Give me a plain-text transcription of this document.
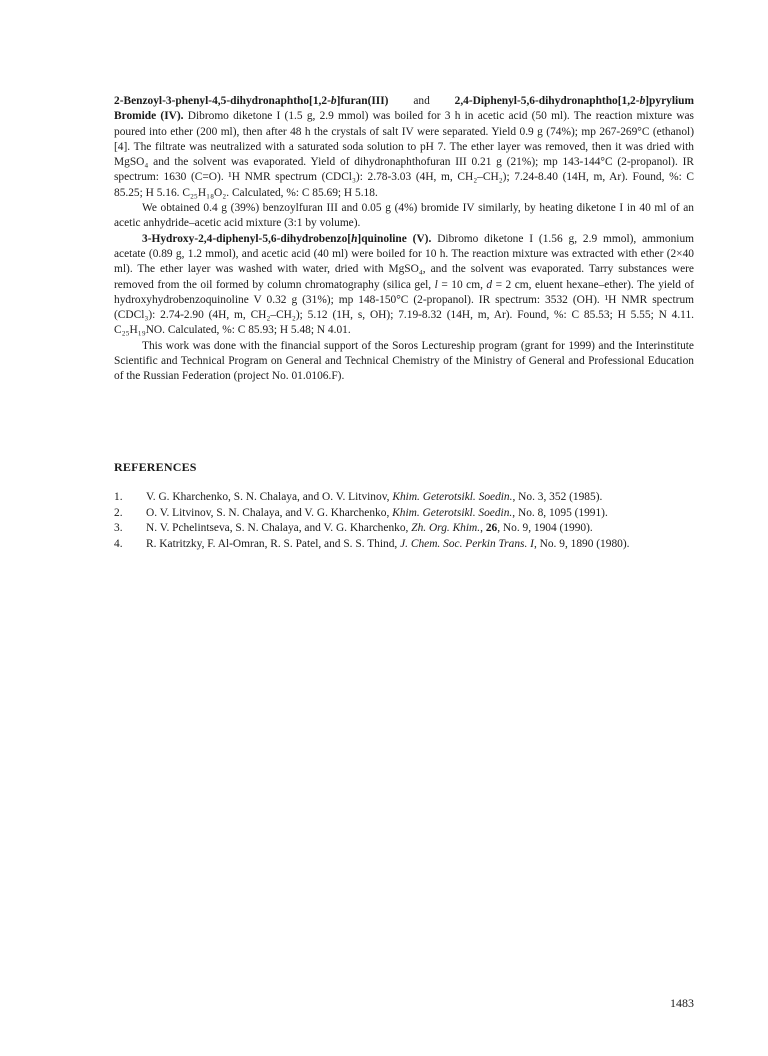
2-Benzoyl-3-phenyl-4,5-dihydronaphtho[1,2-b]furan(III) and 2,4-Diphenyl-5,6-dihydronaphtho[1,2-b]pyrylium Bromide (IV). Dibromo diketone I (1.5 g, 2.9 mmol) was boiled for 3 h in acetic acid (50 ml). The reaction mixture was poured into ether (200 ml), then after 48 h the crystals of salt IV were separated. Yield 0.9 g (74%); mp 267-269°C (ethanol) [4]. The filtrate was neutralized with a saturated soda solution to pH 7. The ether layer was removed, then it was dried with MgSO₄ and the solvent was evaporated. Yield of dihydronaphthofuran III 0.21 g (21%); mp 143-144°C (2-propanol). IR spectrum: 1630 (C=O). ¹H NMR spectrum (CDCl₃): 2.78-3.03 (4H, m, CH₂–CH₂); 7.24-8.40 (14H, m, Ar). Found, %: C 85.25; H 5.16. C₂₅H₁₈O₂. Calculated, %: C 85.69; H 5.18.

We obtained 0.4 g (39%) benzoylfuran III and 0.05 g (4%) bromide IV similarly, by heating diketone I in 40 ml of an acetic anhydride–acetic acid mixture (3:1 by volume).

3-Hydroxy-2,4-diphenyl-5,6-dihydrobenzo[h]quinoline (V). Dibromo diketone I (1.56 g, 2.9 mmol), ammonium acetate (0.89 g, 1.2 mmol), and acetic acid (40 ml) were boiled for 10 h. The reaction mixture was extracted with ether (2×40 ml). The ether layer was washed with water, dried with MgSO₄, and the solvent was evaporated. Tarry substances were removed from the oil formed by column chromatography (silica gel, l = 10 cm, d = 2 cm, eluent hexane–ether). The yield of hydroxyhydrobenzoquinoline V 0.32 g (31%); mp 148-150°C (2-propanol). IR spectrum: 3532 (OH). ¹H NMR spectrum (CDCl₃): 2.74-2.90 (4H, m, CH₂–CH₂); 5.12 (1H, s, OH); 7.19-8.32 (14H, m, Ar). Found, %: C 85.53; H 5.55; N 4.11. C₂₅H₁₉NO. Calculated, %: C 85.93; H 5.48; N 4.01.

This work was done with the financial support of the Soros Lectureship program (grant for 1999) and the Interinstitute Scientific and Technical Program on General and Technical Chemistry of the Ministry of General and Professional Education of the Russian Federation (project No. 01.0106.F).

REFERENCES
1.	V. G. Kharchenko, S. N. Chalaya, and O. V. Litvinov, Khim. Geterotsikl. Soedin., No. 3, 352 (1985).
2.	O. V. Litvinov, S. N. Chalaya, and V. G. Kharchenko, Khim. Geterotsikl. Soedin., No. 8, 1095 (1991).
3.	N. V. Pchelintseva, S. N. Chalaya, and V. G. Kharchenko, Zh. Org. Khim., 26, No. 9, 1904 (1990).
4.	R. Katritzky, F. Al-Omran, R. S. Patel, and S. S. Thind, J. Chem. Soc. Perkin Trans. I, No. 9, 1890 (1980).
1483
